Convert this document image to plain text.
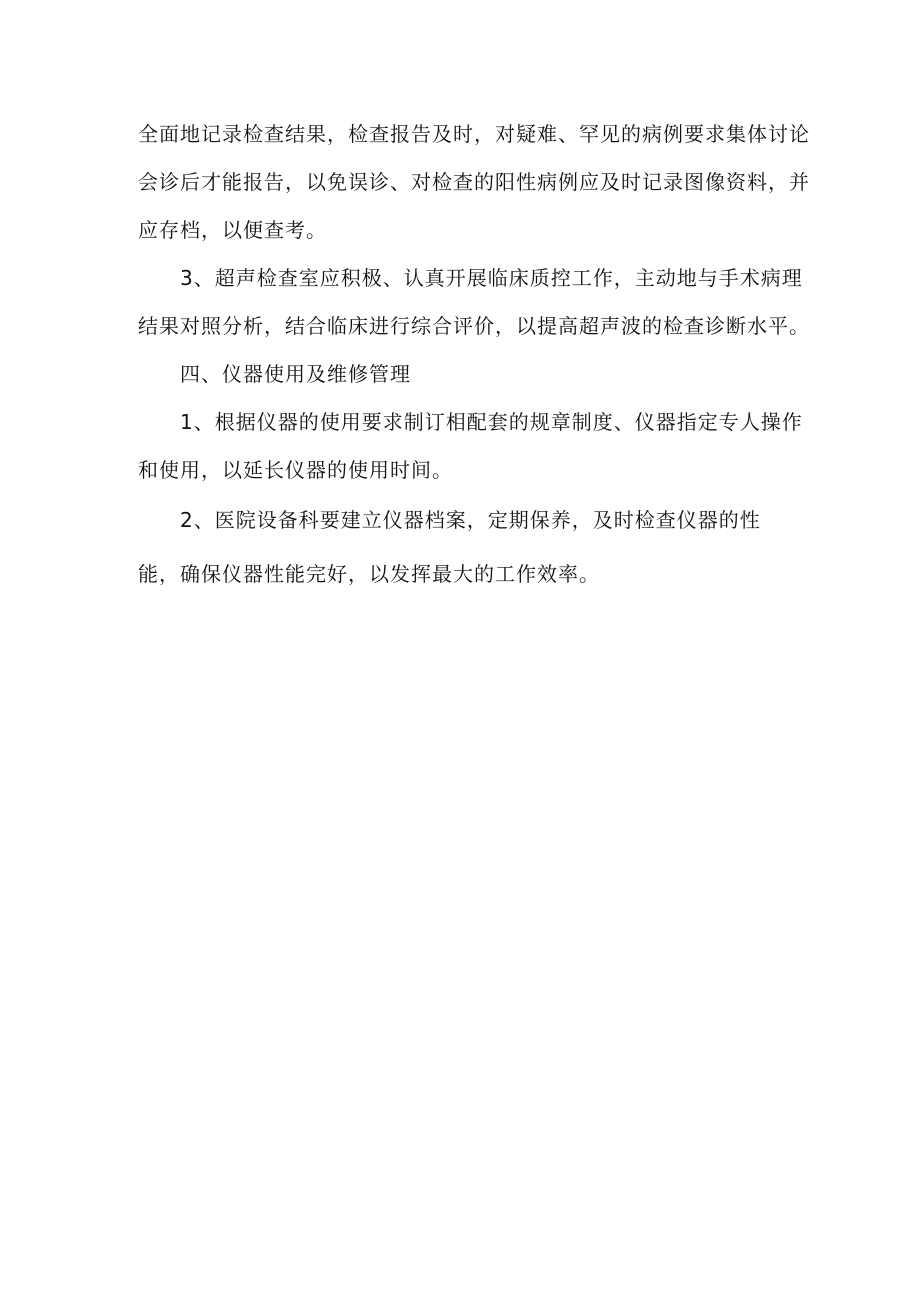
全面地记录检查结果，检查报告及时，对疑难、罕见的病例要求集体讨论
会诊后才能报告，以免误诊、对检查的阳性病例应及时记录图像资料，并
应存档，以便查考。
3、超声检查室应积极、认真开展临床质控工作，主动地与手术病理
结果对照分析，结合临床进行综合评价，以提高超声波的检查诊断水平。
四、仪器使用及维修管理
1、根据仪器的使用要求制订相配套的规章制度、仪器指定专人操作
和使用，以延长仪器的使用时间。
2、医院设备科要建立仪器档案，定期保养，及时检查仪器的性
能，确保仪器性能完好，以发挥最大的工作效率。
